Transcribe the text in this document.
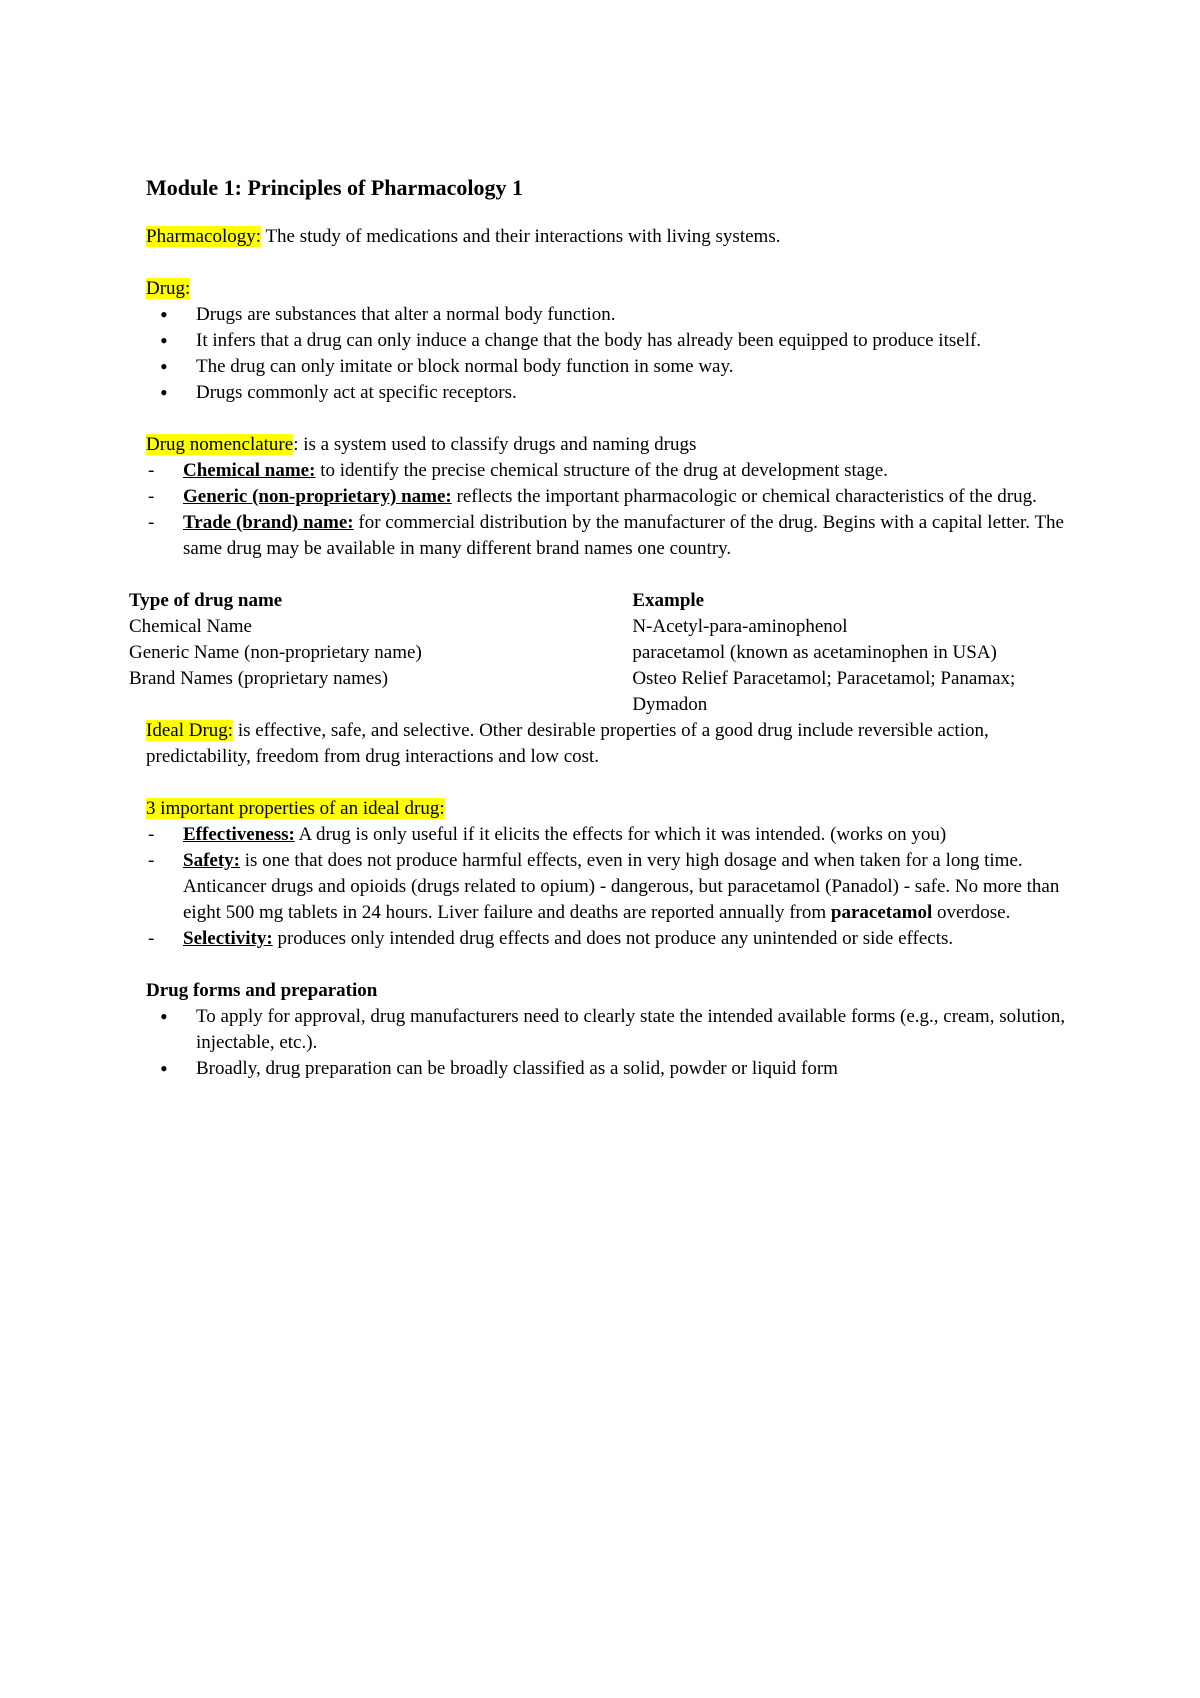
Module 1: Principles of Pharmacology 1

Pharmacology: The study of medications and their interactions with living systems.

Drug:

• Drugs are substances that alter a normal body function.
• It infers that a drug can only induce a change that the body has already been equipped to produce itself.
• The drug can only imitate or block normal body function in some way.
• Drugs commonly act at specific receptors.

Drug nomenclature: is a system used to classify drugs and naming drugs

- Chemical name: to identify the precise chemical structure of the drug at development stage.
- Generic (non-proprietary) name: reflects the important pharmacologic or chemical characteristics of the drug.
- Trade (brand) name: for commercial distribution by the manufacturer of the drug. Begins with a capital letter. The same drug may be available in many different brand names one country.
Type of drug name	Example
Chemical Name	N-Acetyl-para-aminophenol
Generic Name (non-proprietary name)	paracetamol (known as acetaminophen in USA)
Brand Names (proprietary names)	Osteo Relief Paracetamol; Paracetamol; Panamax; Dymadon

Ideal Drug: is effective, safe, and selective. Other desirable properties of a good drug include reversible action, predictability, freedom from drug interactions and low cost.

3 important properties of an ideal drug:

- Effectiveness: A drug is only useful if it elicits the effects for which it was intended. (works on you)
- Safety: is one that does not produce harmful effects, even in very high dosage and when taken for a long time. Anticancer drugs and opioids (drugs related to opium) - dangerous, but paracetamol (Panadol) - safe. No more than eight 500 mg tablets in 24 hours. Liver failure and deaths are reported annually from paracetamol overdose.
- Selectivity: produces only intended drug effects and does not produce any unintended or side effects.

Drug forms and preparation

• To apply for approval, drug manufacturers need to clearly state the intended available forms (e.g., cream, solution, injectable, etc.).
• Broadly, drug preparation can be broadly classified as a solid, powder or liquid form
